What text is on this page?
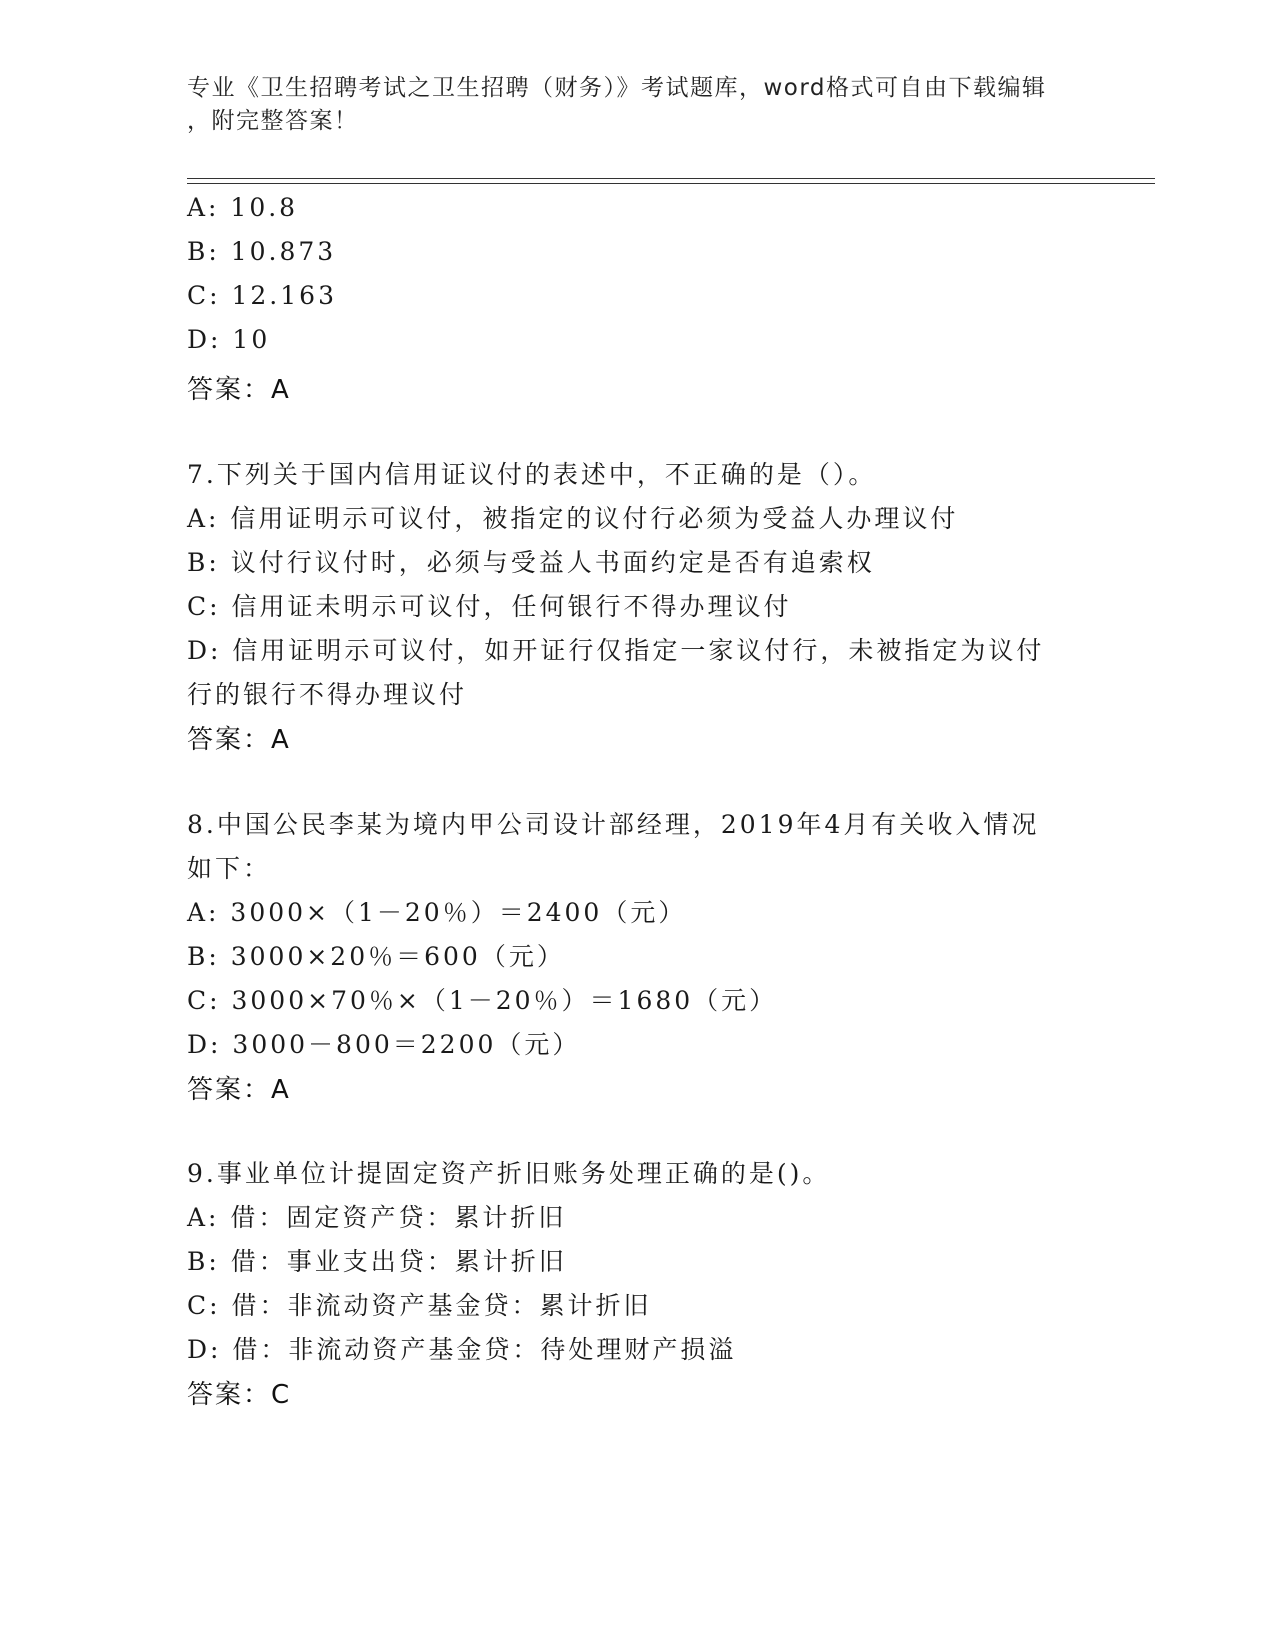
专业《卫生招聘考试之卫生招聘（财务）》考试题库，word格式可自由下载编辑
，附完整答案！
A: 10.8
B: 10.873
C: 12.163
D: 10
答案：A
7.下列关于国内信用证议付的表述中，不正确的是（）。
A: 信用证明示可议付，被指定的议付行必须为受益人办理议付
B: 议付行议付时，必须与受益人书面约定是否有追索权
C: 信用证未明示可议付，任何银行不得办理议付
D: 信用证明示可议付，如开证行仅指定一家议付行，未被指定为议付
行的银行不得办理议付
答案：A
8.中国公民李某为境内甲公司设计部经理，2019年4月有关收入情况
如下：
A: 3000×（1－20％）＝2400（元）
B: 3000×20％＝600（元）
C: 3000×70％×（1－20％）＝1680（元）
D: 3000－800＝2200（元）
答案：A
9.事业单位计提固定资产折旧账务处理正确的是()。
A: 借：固定资产贷：累计折旧
B: 借：事业支出贷：累计折旧
C: 借：非流动资产基金贷：累计折旧
D: 借：非流动资产基金贷：待处理财产损溢
答案：C
